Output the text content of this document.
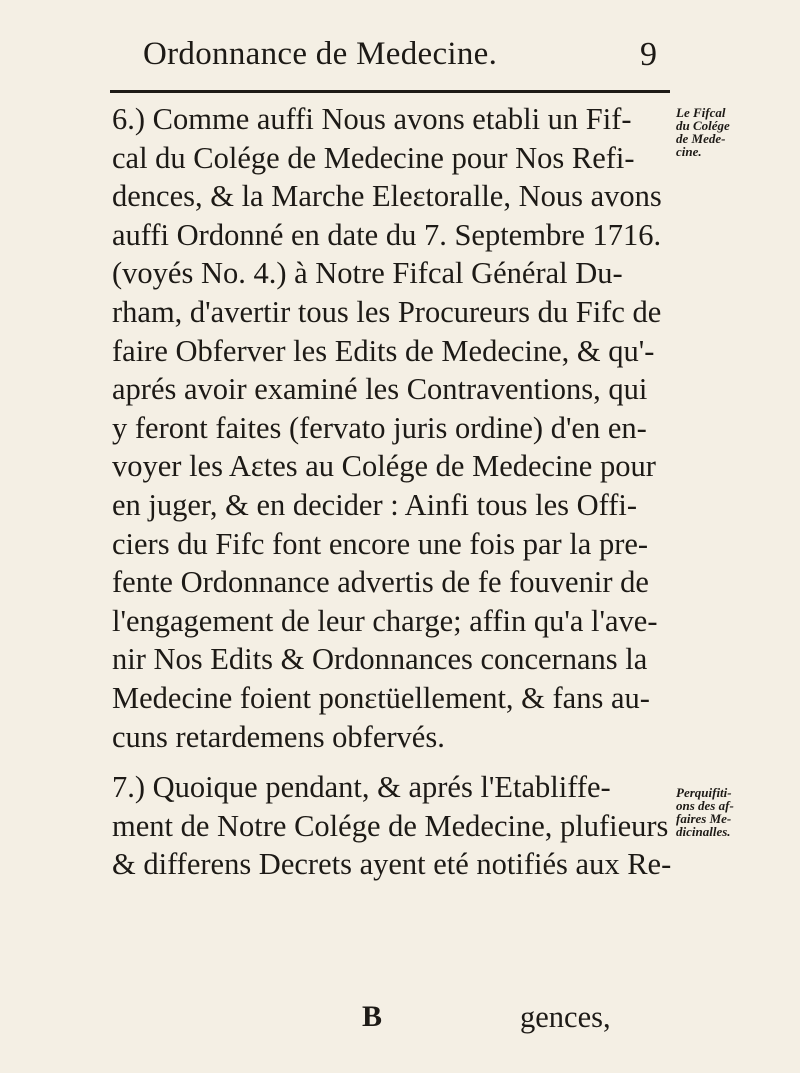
Ordonnance de Medecine.	9
6.) Comme auffi Nous avons etabli un Fif-
cal du Colége de Medecine pour Nos Refi-
dences, & la Marche Eleɛtoralle, Nous avons
auffi Ordonné en date du 7. Septembre 1716.
(voyés No. 4.) à Notre Fifcal Général Du-
rham, d'avertir tous les Procureurs du Fifc de
faire Obferver les Edits de Medecine, & qu'-
aprés avoir examiné les Contraventions, qui
y feront faites (fervato juris ordine) d'en en-
voyer les Aɛtes au Colége de Medecine pour
en juger, & en decider : Ainfi tous les Offi-
ciers du Fifc font encore une fois par la pre-
fente Ordonnance advertis de fe fouvenir de
l'engagement de leur charge; affin qu'a l'ave-
nir Nos Edits & Ordonnances concernans la
Medecine foient ponɛtüellement, & fans au-
cuns retardemens obfervés.
7.) Quoique pendant, & aprés l'Etabliffe-
ment de Notre Colége de Medecine, plufieurs
& differens Decrets ayent eté notifiés aux Re-
B	gences,
Le Fifcal
du Colége
de Mede-
cine.
Perquifiti-
ons des af-
faires Me-
dicinalles.
